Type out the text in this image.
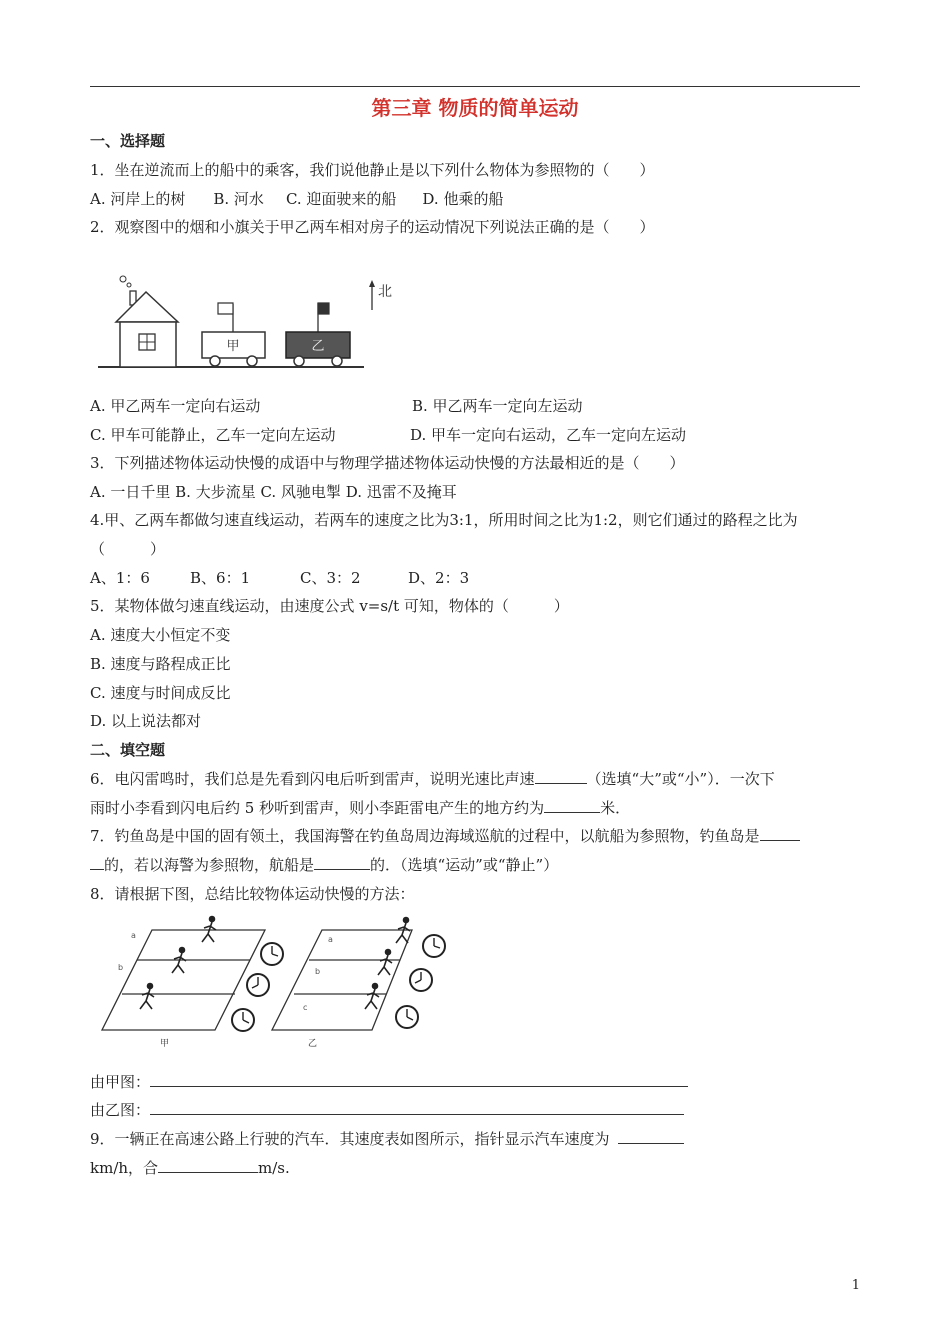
第三章 物质的简单运动
一、选择题
1．坐在逆流而上的船中的乘客，我们说他静止是以下列什么物体为参照物的（　　）
A. 河岸上的树 B. 河水 C. 迎面驶来的船 D. 他乘的船
2．观察图中的烟和小旗关于甲乙两车相对房子的运动情况下列说法正确的是（　　）
甲	乙
北
A. 甲乙两车一定向右运动	B. 甲乙两车一定向左运动
C. 甲车可能静止，乙车一定向左运动	D. 甲车一定向右运动，乙车一定向左运动
3．下列描述物体运动快慢的成语中与物理学描述物体运动快慢的方法最相近的是（　　）
A. 一日千里 B. 大步流星 C. 风驰电掣 D. 迅雷不及掩耳
4.甲、乙两车都做匀速直线运动，若两车的速度之比为3:1，所用时间之比为1:2，则它们通过的路程之比为
（　　　）
A、1：6	B、6：1	C、3：2	D、2：3
5．某物体做匀速直线运动，由速度公式 v=s/t 可知，物体的（　　　）
A. 速度大小恒定不变
B. 速度与路程成正比
C. 速度与时间成反比
D. 以上说法都对
二、填空题
6．电闪雷鸣时，我们总是先看到闪电后听到雷声，说明光速比声速	（选填“大”或“小”）．一次下
雨时小李看到闪电后约 5 秒听到雷声，则小李距雷电产生的地方约为	米．
7．钓鱼岛是中国的固有领土，我国海警在钓鱼岛周边海域巡航的过程中，以航船为参照物，钓鱼岛是
的，若以海警为参照物，航船是	的．（选填“运动”或“静止”）
8．请根据下图，总结比较物体运动快慢的方法：
a
b
甲
a
b
c
乙
由甲图：
由乙图：
9．一辆正在高速公路上行驶的汽车．其速度表如图所示，指针显示汽车速度为
km/h，合	m/s.
1
